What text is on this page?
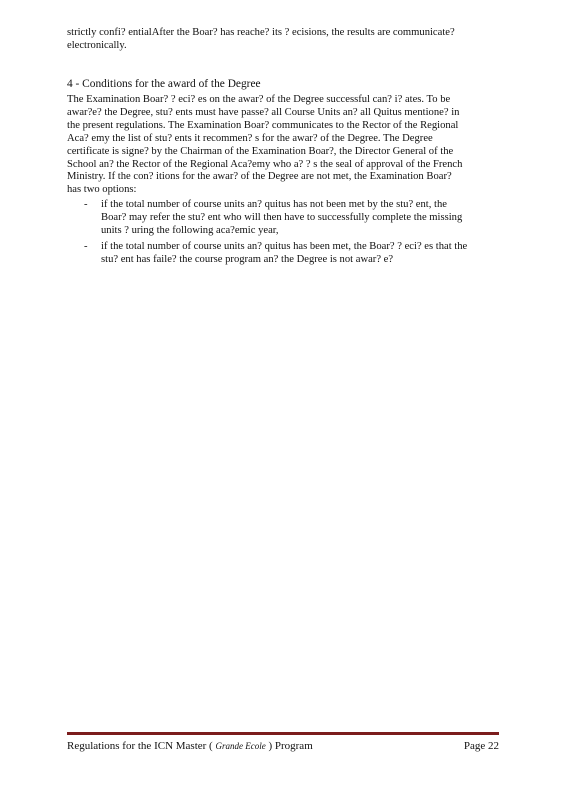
strictly confi? entialAfter the Boar? has reache? its ? ecisions, the results are communicate?
electronically.
4 - Conditions for the award of the Degree
The Examination Boar? ? eci? es on the awar? of the Degree successful can? i? ates. To be
awar?e? the Degree, stu? ents must have passe? all Course Units an? all Quitus mentione? in
the present regulations. The Examination Boar? communicates to the Rector of the Regional
Aca? emy the list of stu? ents it recommen? s for the awar? of the Degree. The Degree
certificate is signe? by the Chairman of the Examination Boar?, the Director General of the
School an? the Rector of the Regional Aca?emy who a? ? s the seal of approval of the French
Ministry. If the con? itions for the awar? of the Degree are not met, the Examination Boar?
has two options:
- if the total number of course units an? quitus has not been met by the stu? ent, the
Boar? may refer the stu? ent who will then have to successfully complete the missing
units ? uring the following aca?emic year,
- if the total number of course units an? quitus has been met, the Boar? ? eci? es that the
stu? ent has faile? the course program an? the Degree is not awar? e?
Regulations for the ICN Master ( Grande Ecole ) Program	Page 22
